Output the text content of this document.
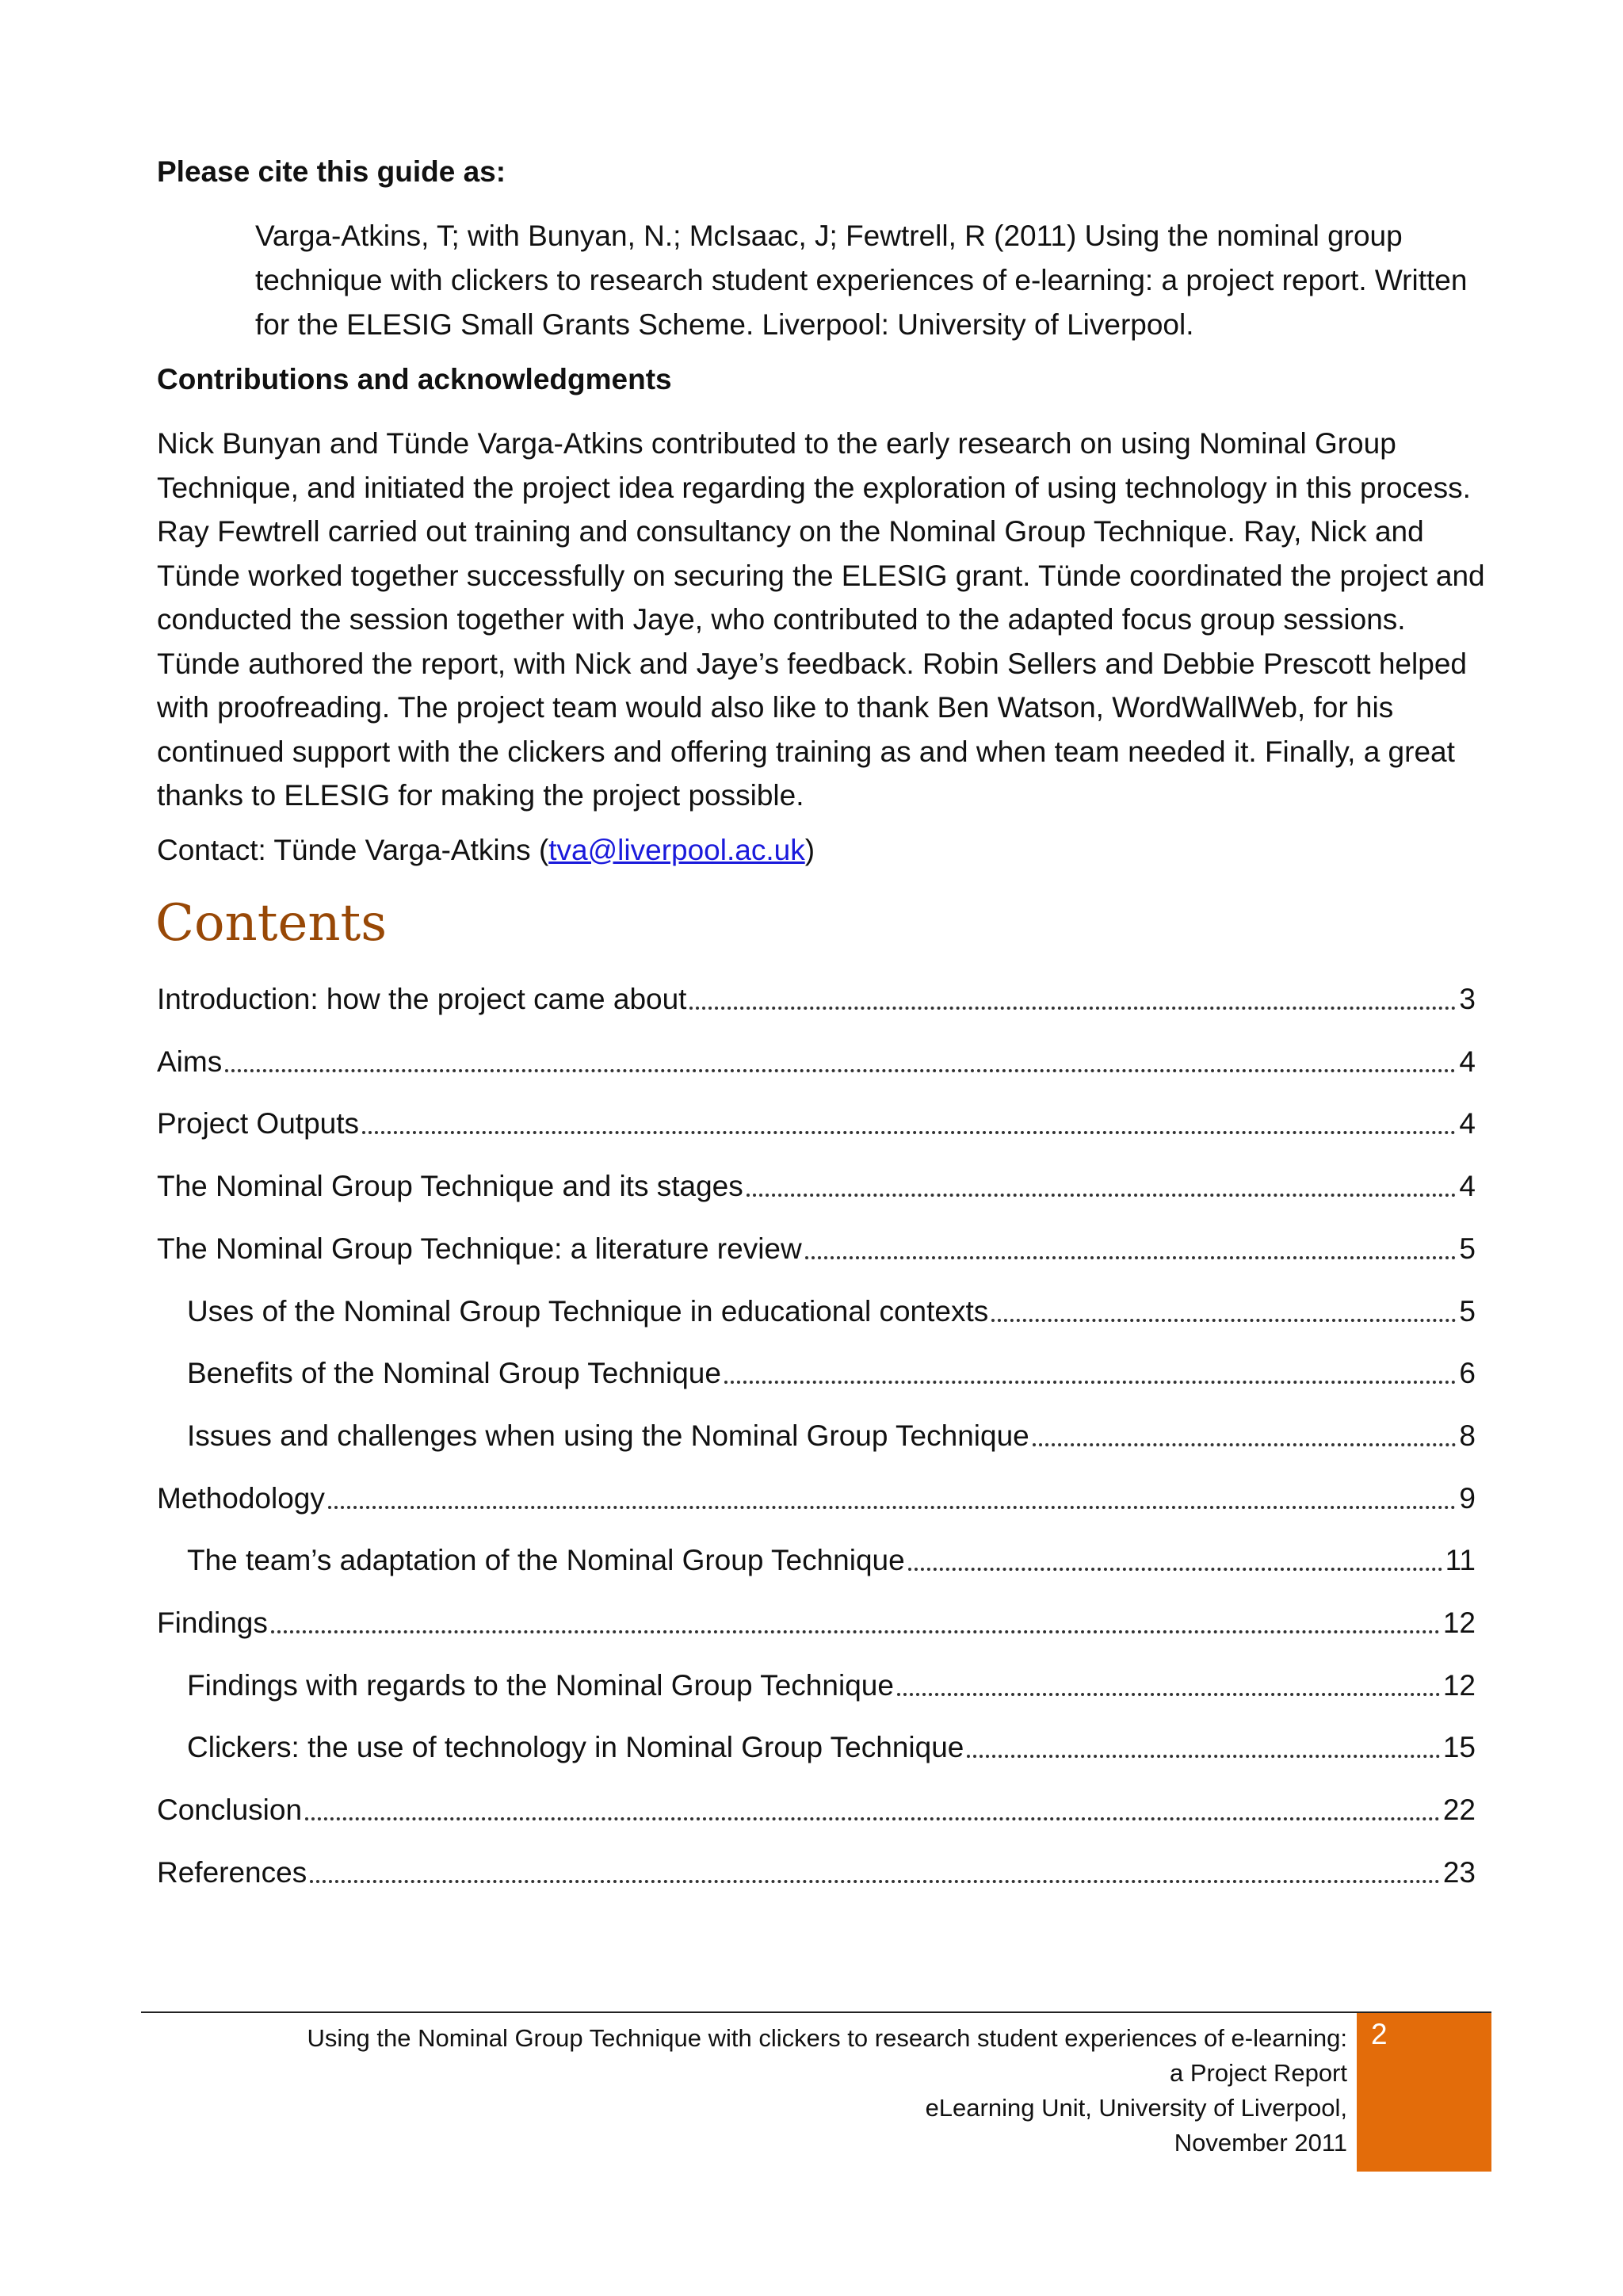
Please cite this guide as:

Varga-Atkins, T; with Bunyan, N.; McIsaac, J; Fewtrell, R (2011) Using the nominal group technique with clickers to research student experiences of e-learning: a project report. Written for the ELESIG Small Grants Scheme. Liverpool: University of Liverpool.

Contributions and acknowledgments

Nick Bunyan and Tünde Varga-Atkins contributed to the early research on using Nominal Group Technique, and initiated the project idea regarding the exploration of using technology in this process. Ray Fewtrell carried out training and consultancy on the Nominal Group Technique. Ray, Nick and Tünde worked together successfully on securing the ELESIG grant. Tünde coordinated the project and conducted the session together with Jaye, who contributed to the adapted focus group sessions. Tünde authored the report, with Nick and Jaye’s feedback. Robin Sellers and Debbie Prescott helped with proofreading. The project team would also like to thank Ben Watson, WordWallWeb, for his continued support with the clickers and offering training as and when team needed it. Finally, a great thanks to ELESIG for making the project possible.

Contact: Tünde Varga-Atkins (tva@liverpool.ac.uk)

Contents
Introduction: how the project came about	3
Aims	4
Project Outputs	4
The Nominal Group Technique and its stages	4
The Nominal Group Technique: a literature review	5
Uses of the Nominal Group Technique in educational contexts	5
Benefits of the Nominal Group Technique	6
Issues and challenges when using the Nominal Group Technique	8
Methodology	9
The team’s adaptation of the Nominal Group Technique	11
Findings	12
Findings with regards to the Nominal Group Technique	12
Clickers: the use of technology in Nominal Group Technique	15
Conclusion	22
References	23
Using the Nominal Group Technique with clickers to research student experiences of e-learning:
a Project Report
eLearning Unit, University of Liverpool,
November 2011
2
